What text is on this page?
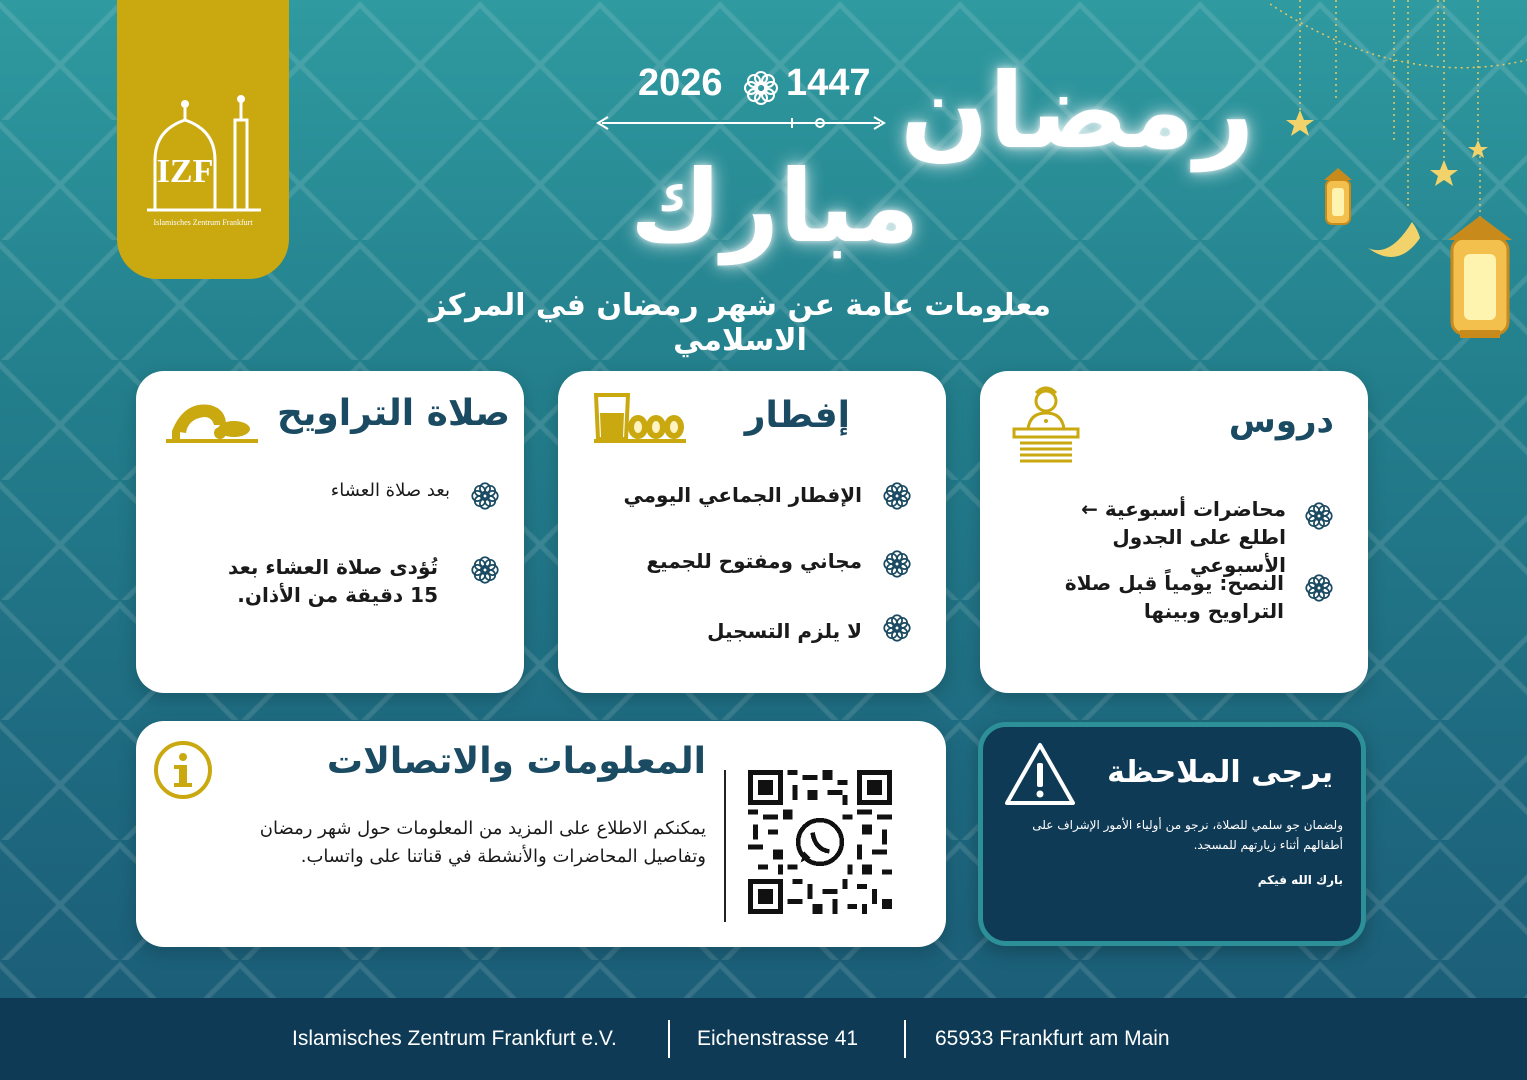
IZF
Islamisches Zentrum Frankfurt
2026 1447 رمضان
مبارك
معلومات عامة عن شهر رمضان في المركز الاسلامي
صلاة التراويح
بعد صلاة العشاء
تُؤدى صلاة العشاء بعد 15 دقيقة من الأذان.
إفطار
الإفطار الجماعي اليومي
مجاني ومفتوح للجميع
لا يلزم التسجيل
دروس
محاضرات أسبوعية ← اطلع على الجدول الأسبوعي
النصح: يومياً قبل صلاة التراويح وبينها
المعلومات والاتصالات
يمكنكم الاطلاع على المزيد من المعلومات حول شهر رمضان وتفاصيل المحاضرات والأنشطة في قناتنا على واتساب.
يرجى الملاحظة
ولضمان جو سلمي للصلاة، نرجو من أولياء الأمور الإشراف على أطفالهم أثناء زيارتهم للمسجد.
بارك الله فيكم
Islamisches Zentrum Frankfurt e.V.	Eichenstrasse 41	65933 Frankfurt am Main
